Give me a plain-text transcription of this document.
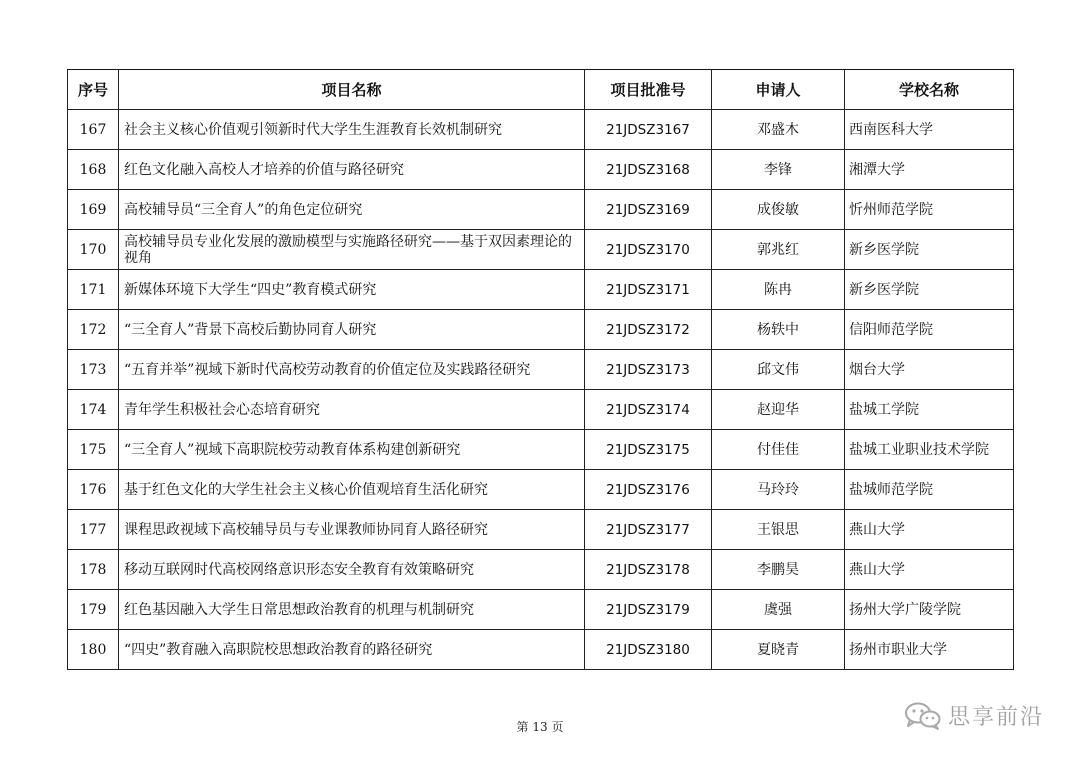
序号	项目名称	项目批准号	申请人	学校名称
167	社会主义核心价值观引领新时代大学生生涯教育长效机制研究	21JDSZ3167	邓盛木	西南医科大学
168	红色文化融入高校人才培养的价值与路径研究	21JDSZ3168	李锋	湘潭大学
169	高校辅导员“三全育人”的角色定位研究	21JDSZ3169	成俊敏	忻州师范学院
170	高校辅导员专业化发展的激励模型与实施路径研究——基于双因素理论的视角	21JDSZ3170	郭兆红	新乡医学院
171	新媒体环境下大学生“四史”教育模式研究	21JDSZ3171	陈冉	新乡医学院
172	“三全育人”背景下高校后勤协同育人研究	21JDSZ3172	杨轶中	信阳师范学院
173	“五育并举”视域下新时代高校劳动教育的价值定位及实践路径研究	21JDSZ3173	邱文伟	烟台大学
174	青年学生积极社会心态培育研究	21JDSZ3174	赵迎华	盐城工学院
175	“三全育人”视域下高职院校劳动教育体系构建创新研究	21JDSZ3175	付佳佳	盐城工业职业技术学院
176	基于红色文化的大学生社会主义核心价值观培育生活化研究	21JDSZ3176	马玲玲	盐城师范学院
177	课程思政视域下高校辅导员与专业课教师协同育人路径研究	21JDSZ3177	王银思	燕山大学
178	移动互联网时代高校网络意识形态安全教育有效策略研究	21JDSZ3178	李鹏昊	燕山大学
179	红色基因融入大学生日常思想政治教育的机理与机制研究	21JDSZ3179	虞强	扬州大学广陵学院
180	“四史”教育融入高职院校思想政治教育的路径研究	21JDSZ3180	夏晓青	扬州市职业大学
第 13 页	思享前沿
